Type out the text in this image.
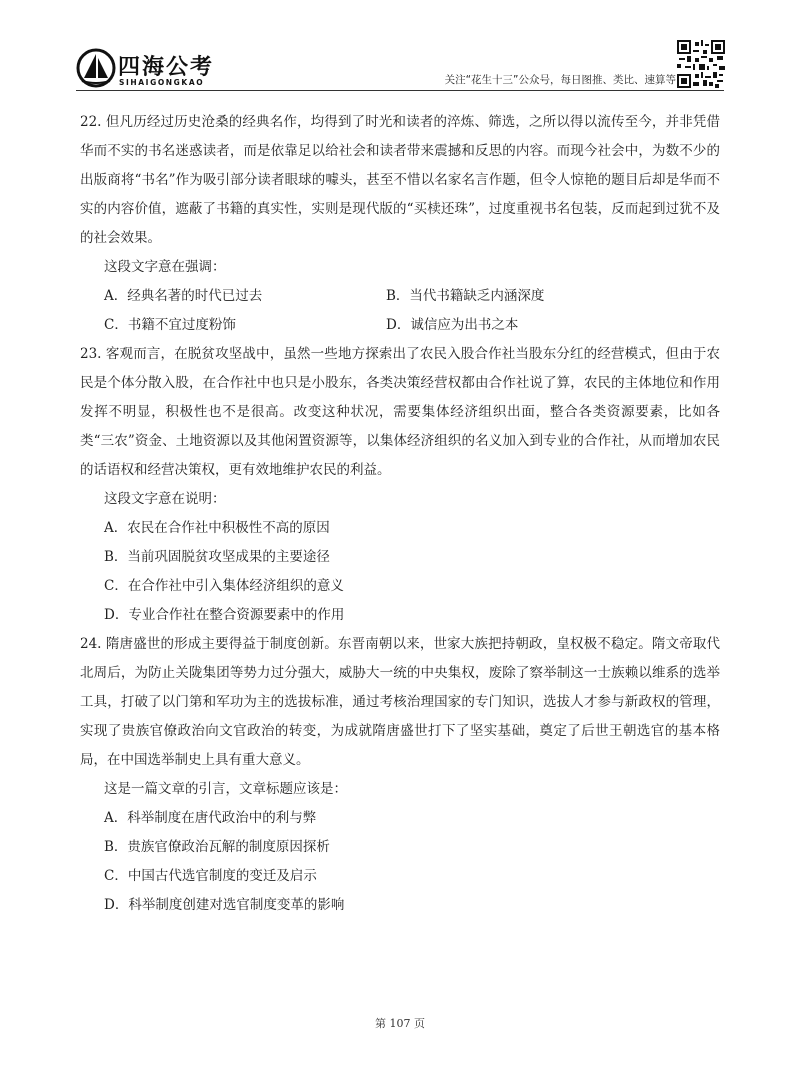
四海公考
SIHAIGONGKAO	关注“花生十三”公众号，每日图推、类比、速算等

22. 但凡历经过历史沧桑的经典名作，均得到了时光和读者的淬炼、筛选，之所以得以流传至今，并非凭借华而不实的书名迷惑读者，而是依靠足以给社会和读者带来震撼和反思的内容。而现今社会中，为数不少的出版商将“书名”作为吸引部分读者眼球的噱头，甚至不惜以名家名言作题，但令人惊艳的题目后却是华而不实的内容价值，遮蔽了书籍的真实性，实则是现代版的“买椟还珠”，过度重视书名包装，反而起到过犹不及的社会效果。

这段文字意在强调：

A．经典名著的时代已过去	B．当代书籍缺乏内涵深度
C．书籍不宜过度粉饰	D．诚信应为出书之本

23. 客观而言，在脱贫攻坚战中，虽然一些地方探索出了农民入股合作社当股东分红的经营模式，但由于农民是个体分散入股，在合作社中也只是小股东，各类决策经营权都由合作社说了算，农民的主体地位和作用发挥不明显，积极性也不是很高。改变这种状况，需要集体经济组织出面，整合各类资源要素，比如各类“三农”资金、土地资源以及其他闲置资源等，以集体经济组织的名义加入到专业的合作社，从而增加农民的话语权和经营决策权，更有效地维护农民的利益。

这段文字意在说明：

A．农民在合作社中积极性不高的原因

B．当前巩固脱贫攻坚成果的主要途径

C．在合作社中引入集体经济组织的意义

D．专业合作社在整合资源要素中的作用

24. 隋唐盛世的形成主要得益于制度创新。东晋南朝以来，世家大族把持朝政，皇权极不稳定。隋文帝取代北周后，为防止关陇集团等势力过分强大，威胁大一统的中央集权，废除了察举制这一士族赖以维系的选举工具，打破了以门第和军功为主的选拔标准，通过考核治理国家的专门知识，选拔人才参与新政权的管理，实现了贵族官僚政治向文官政治的转变，为成就隋唐盛世打下了坚实基础，奠定了后世王朝选官的基本格局，在中国选举制史上具有重大意义。

这是一篇文章的引言，文章标题应该是：

A．科举制度在唐代政治中的利与弊

B．贵族官僚政治瓦解的制度原因探析

C．中国古代选官制度的变迁及启示

D．科举制度创建对选官制度变革的影响

第 107 页
